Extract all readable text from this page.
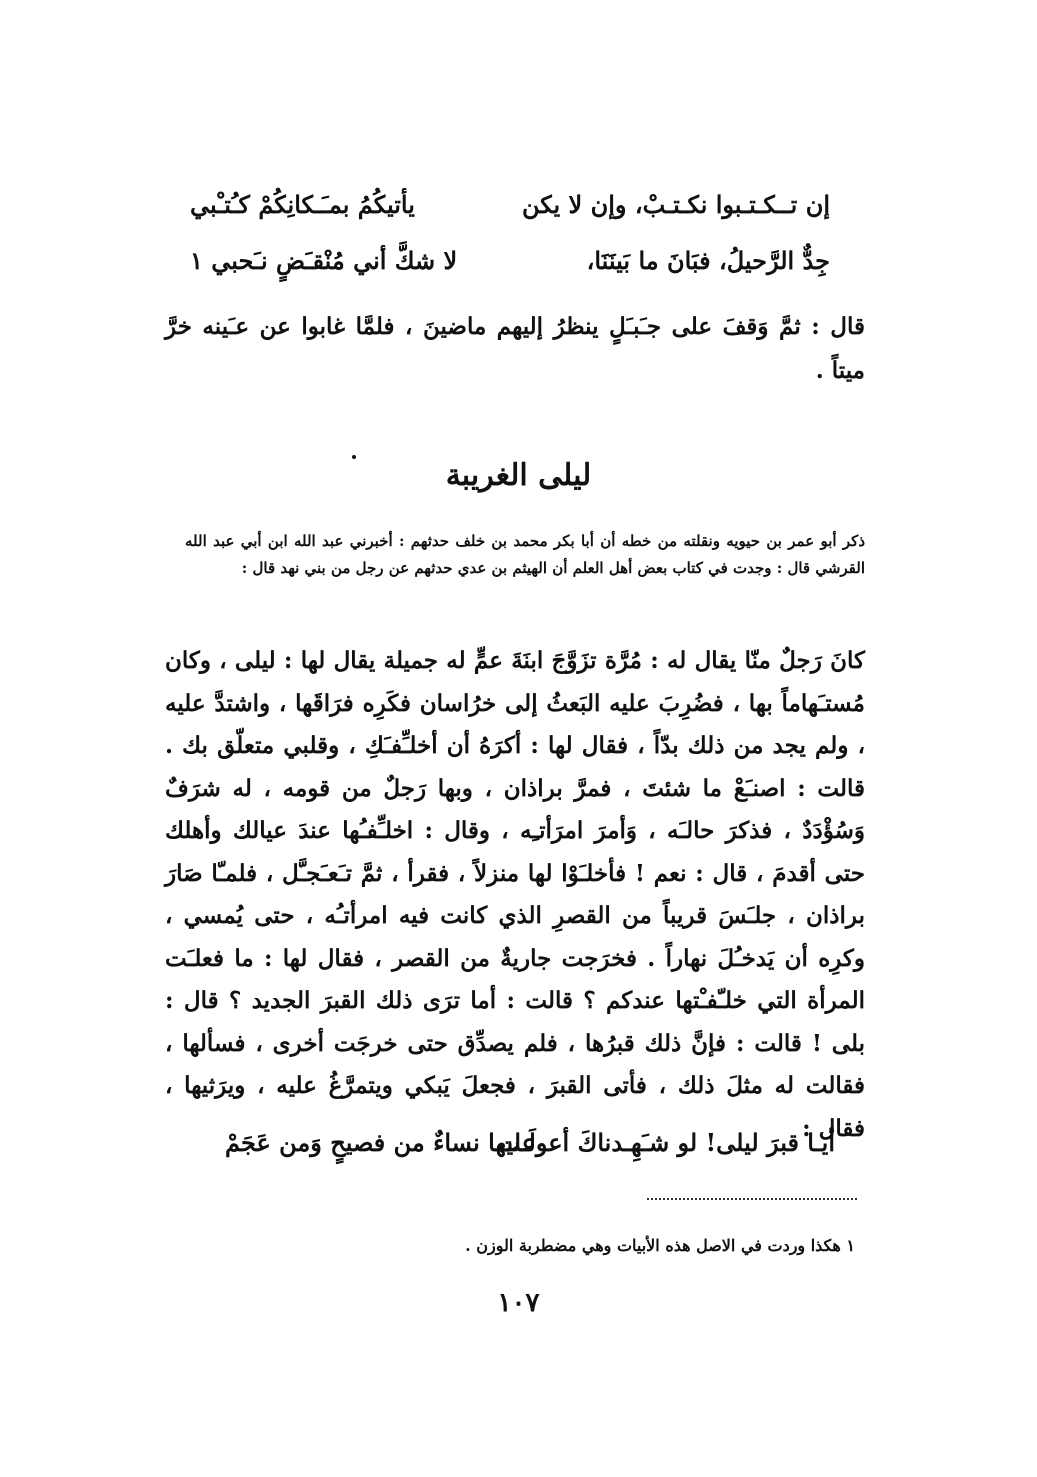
إن تــكـتـبوا نكـتـبْ، وإن لا يكن
يأتيكُمُ بمـَـكانِكُمْ كـُتـْبي
جِدٌّ الرَّحيلُ، فبَانَ ما بَينَنَا،
لا شكَّ أني مُنْقـَضٍ نـَحبي ١
قال : ثمَّ وَقفَ على جـَبـَلٍ ينظرُ إليهم ماضينَ ، فلمَّا غابوا عن عـَينه خرَّ ميتاً .
ليلى الغريبة
ذكر أبو عمر بن حيويه ونقلته من خطه أن أبا بكر محمد بن خلف حدثهم : أخبرني عبد الله ابن أبي عبد الله القرشي قال : وجدت في كتاب بعض أهل العلم أن الهيثم بن عدي حدثهم عن رجل من بني نهد قال :

كانَ رَجلٌ منّا يقال له : مُرَّة تزَوَّجَ ابنَةَ عمٍّ له جميلة يقال لها : ليلى ، وكان مُستـَهاماً بها ، فضُرِبَ عليه البَعثُ إلى خرُاسان فكَرِه فرَاقَها ، واشتدَّ عليه ، ولم يجد من ذلك بدّاً ، فقال لها : أكرَهُ أن أخلـِّفـَكِ ، وقلبي متعلّق بك . قالت : اصنـَعْ ما شئتَ ، فمرَّ براذان ، وبها رَجلٌ من قومه ، له شرَفٌ وَسُؤْدَدٌ ، فذكرَ حالـَه ، وَأمرَ امرَأتـِه ، وقال : اخلـِّفـُها عندَ عيالك وأهلك حتى أقدمَ ، قال : نعم ! فأخلـَوْا لها منزلاً ، فقرأ ، ثمَّ تـَعـَجـَّل ، فلمـّا صَارَ براذان ، جلـَسَ قريباً من القصرِ الذي كانت فيه امرأتـُه ، حتى يُمسي ، وكرِه أن يَدخـُلَ نهاراً . فخرَجت جاريةٌ من القصر ، فقال لها : ما فعلـَت المرأة التي خلـّفـْتها عندكم ؟ قالت : أما ترَى ذلك القبرَ الجديد ؟ قال : بلى ! قالت : فإنَّ ذلك قبرُها ، فلم يصدِّق حتى خرجَت أخرى ، فسألها ، فقالت له مثلَ ذلك ، فأتى القبرَ ، فجعلَ يَبكي ويتمرَّغُ عليه ، ويرَثيها ، فقال :

أيـا قبرَ ليلى! لو شـَهِـدناكَ أعولَـت
عليها نساءٌ من فصيحٍ وَمن عَجَمْ
١ هكذا وردت في الاصل هذه الأبيات وهي مضطربة الوزن .
١٠٧
